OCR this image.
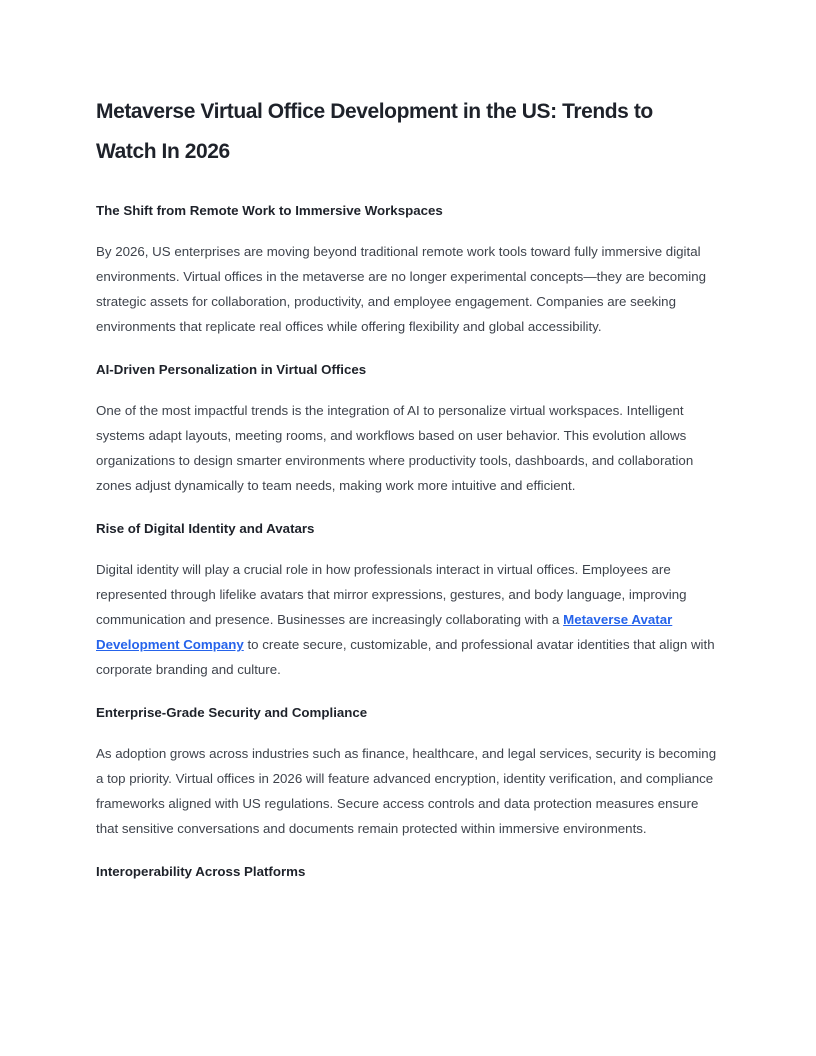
Metaverse Virtual Office Development in the US: Trends to Watch In 2026
The Shift from Remote Work to Immersive Workspaces

By 2026, US enterprises are moving beyond traditional remote work tools toward fully immersive digital environments. Virtual offices in the metaverse are no longer experimental concepts—they are becoming strategic assets for collaboration, productivity, and employee engagement. Companies are seeking environments that replicate real offices while offering flexibility and global accessibility.

AI-Driven Personalization in Virtual Offices

One of the most impactful trends is the integration of AI to personalize virtual workspaces. Intelligent systems adapt layouts, meeting rooms, and workflows based on user behavior. This evolution allows organizations to design smarter environments where productivity tools, dashboards, and collaboration zones adjust dynamically to team needs, making work more intuitive and efficient.

Rise of Digital Identity and Avatars

Digital identity will play a crucial role in how professionals interact in virtual offices. Employees are represented through lifelike avatars that mirror expressions, gestures, and body language, improving communication and presence. Businesses are increasingly collaborating with a Metaverse Avatar Development Company to create secure, customizable, and professional avatar identities that align with corporate branding and culture.

Enterprise-Grade Security and Compliance

As adoption grows across industries such as finance, healthcare, and legal services, security is becoming a top priority. Virtual offices in 2026 will feature advanced encryption, identity verification, and compliance frameworks aligned with US regulations. Secure access controls and data protection measures ensure that sensitive conversations and documents remain protected within immersive environments.

Interoperability Across Platforms
